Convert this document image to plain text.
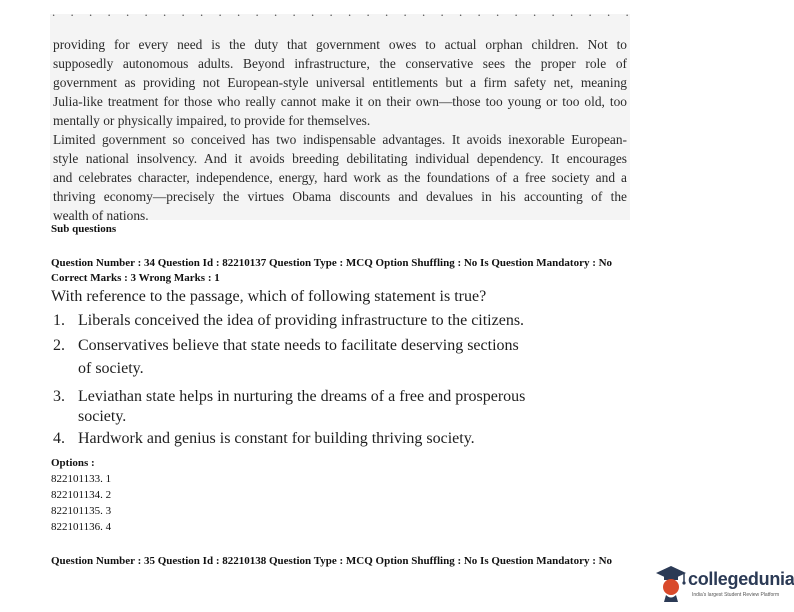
. . . . . . . . . . . . . . . . . . . . . . . . . . . . . . . .
providing for every need is the duty that government owes to actual orphan children. Not to
supposedly autonomous adults. Beyond infrastructure, the conservative sees the proper role of
government as providing not European-style universal entitlements but a firm safety net, meaning
Julia-like treatment for those who really cannot make it on their own—those too young or too old, too
mentally or physically impaired, to provide for themselves.
Limited government so conceived has two indispensable advantages. It avoids inexorable European-
style national insolvency. And it avoids breeding debilitating individual dependency. It encourages
and celebrates character, independence, energy, hard work as the foundations of a free society and a
thriving economy—precisely the virtues Obama discounts and devalues in his accounting of the
wealth of nations.
Sub questions
Question Number : 34 Question Id : 82210137 Question Type : MCQ Option Shuffling : No Is Question Mandatory : No
Correct Marks : 3 Wrong Marks : 1
With reference to the passage, which of following statement is true?
1. Liberals conceived the idea of providing infrastructure to the citizens.
2. Conservatives believe that state needs to facilitate deserving sections
of society.
3. Leviathan state helps in nurturing the dreams of a free and prosperous
society.
4. Hardwork and genius is constant for building thriving society.
Options :
822101133. 1
822101134. 2
822101135. 3
822101136. 4
Question Number : 35 Question Id : 82210138 Question Type : MCQ Option Shuffling : No Is Question Mandatory : No
collegedunia
India's largest Student Review Platform
